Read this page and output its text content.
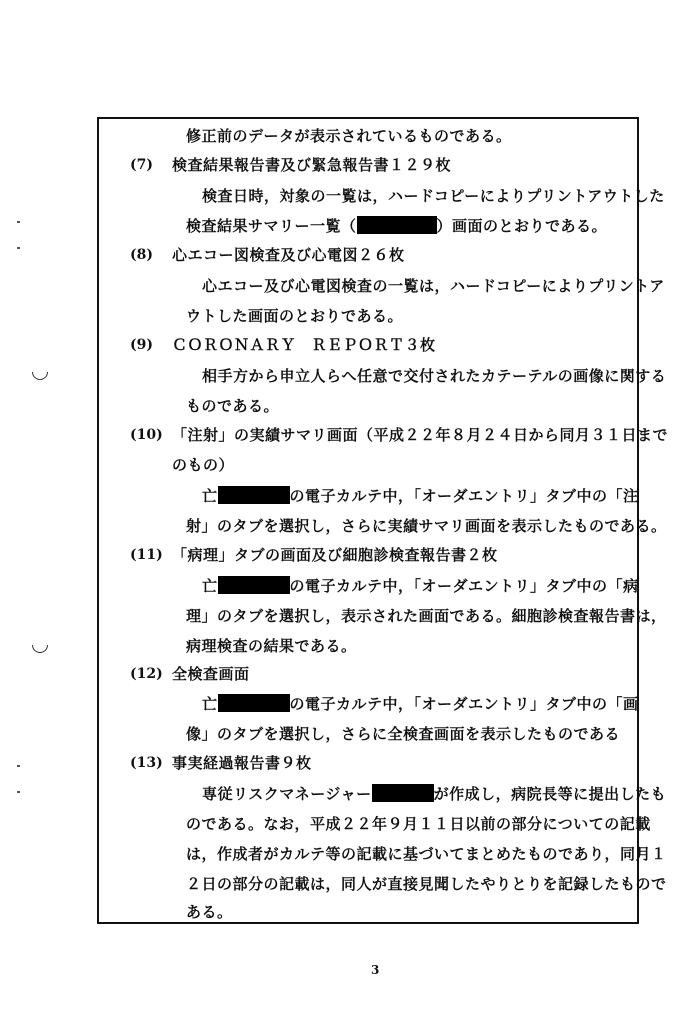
修正前のデータが表示されているものである。
(7) 検査結果報告書及び緊急報告書１２９枚
検査日時，対象の一覧は，ハードコピーによりプリントアウトした
検査結果サマリー一覧（	）画面のとおりである。
(8) 心エコー図検査及び心電図２６枚
心エコー及び心電図検査の一覧は，ハードコピーによりプリントア
ウトした画面のとおりである。
(9) ＣＯＲＯＮＡＲＹ　ＲＥＰＯＲＴ３枚
相手方から申立人らへ任意で交付されたカテーテルの画像に関する
ものである。
(10) 「注射」の実績サマリ画面（平成２２年８月２４日から同月３１日まで
のもの）
亡	の電子カルテ中，「オーダエントリ」タブ中の「注
射」のタブを選択し，さらに実績サマリ画面を表示したものである。
(11) 「病理」タブの画面及び細胞診検査報告書２枚
亡	の電子カルテ中，「オーダエントリ」タブ中の「病
理」のタブを選択し，表示された画面である。細胞診検査報告書は，
病理検査の結果である。
(12) 全検査画面
亡	の電子カルテ中，「オーダエントリ」タブ中の「画
像」のタブを選択し，さらに全検査画面を表示したものである
(13) 事実経過報告書９枚
専従リスクマネージャー	が作成し，病院長等に提出したも
のである。なお，平成２２年９月１１日以前の部分についての記載
は，作成者がカルテ等の記載に基づいてまとめたものであり，同月１
２日の部分の記載は，同人が直接見聞したやりとりを記録したもので
ある。
3
